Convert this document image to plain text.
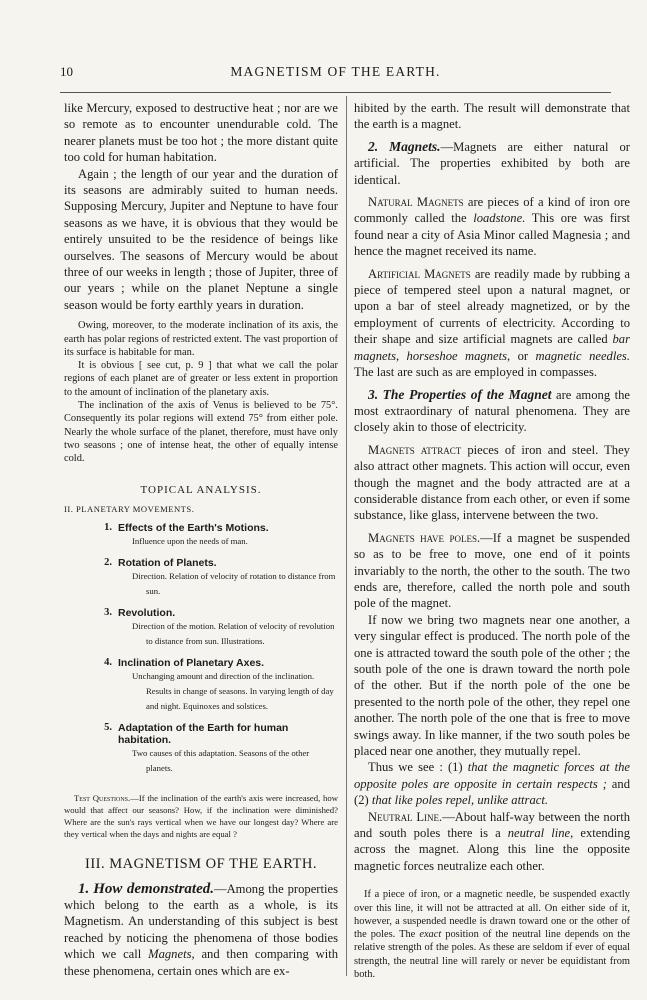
10	MAGNETISM OF THE EARTH.

like Mercury, exposed to destructive heat ; nor are we so remote as to encounter unendurable cold. The nearer planets must be too hot ; the more distant quite too cold for human habitation.

Again ; the length of our year and the duration of its seasons are admirably suited to human needs. Supposing Mercury, Jupiter and Neptune to have four seasons as we have, it is obvious that they would be entirely unsuited to be the residence of beings like ourselves. The seasons of Mercury would be about three of our weeks in length ; those of Jupiter, three of our years ; while on the planet Neptune a single season would be forty earthly years in duration.

Owing, moreover, to the moderate inclination of its axis, the earth has polar regions of restricted extent. The vast proportion of its surface is habitable for man.

It is obvious [ see cut, p. 9 ] that what we call the polar regions of each planet are of greater or less extent in proportion to the amount of inclination of the planetary axis.

The inclination of the axis of Venus is believed to be 75°. Consequently its polar regions will extend 75° from either pole. Nearly the whole surface of the planet, therefore, must have only two seasons ; one of intense heat, the other of equally intense cold.

TOPICAL ANALYSIS.
II. PLANETARY MOVEMENTS.
1. Effects of the Earth's Motions.
Influence upon the needs of man.
2. Rotation of Planets.
Direction. Relation of velocity of rotation to distance from sun.
3. Revolution.
Direction of the motion. Relation of velocity of revolution to distance from sun. Illustrations.
4. Inclination of Planetary Axes.
Unchanging amount and direction of the inclination. Results in change of seasons. In varying length of day and night. Equinoxes and solstices.
5. Adaptation of the Earth for human habitation.
Two causes of this adaptation. Seasons of the other planets.

Test Questions.—If the inclination of the earth's axis were increased, how would that affect our seasons? How, if the inclination were diminished? Where are the sun's rays vertical when we have our longest day? Where are they vertical when the days and nights are equal ?

III. MAGNETISM OF THE EARTH.

1. How demonstrated.—Among the properties which belong to the earth as a whole, is its Magnetism. An understanding of this subject is best reached by noticing the phenomena of those bodies which we call Magnets, and then comparing with these phenomena, certain ones which are ex-

hibited by the earth. The result will demonstrate that the earth is a magnet.

2. Magnets.—Magnets are either natural or artificial. The properties exhibited by both are identical.

Natural Magnets are pieces of a kind of iron ore commonly called the loadstone. This ore was first found near a city of Asia Minor called Magnesia ; and hence the magnet received its name.

Artificial Magnets are readily made by rubbing a piece of tempered steel upon a natural magnet, or upon a bar of steel already magnetized, or by the employment of currents of electricity. According to their shape and size artificial magnets are called bar magnets, horseshoe magnets, or magnetic needles. The last are such as are employed in compasses.

3. The Properties of the Magnet are among the most extraordinary of natural phenomena. They are closely akin to those of electricity.

Magnets attract pieces of iron and steel. They also attract other magnets. This action will occur, even though the magnet and the body attracted are at a considerable distance from each other, or even if some substance, like glass, intervene between the two.

Magnets have poles.—If a magnet be suspended so as to be free to move, one end of it points invariably to the north, the other to the south. The two ends are, therefore, called the north pole and south pole of the magnet.

If now we bring two magnets near one another, a very singular effect is produced. The north pole of the one is attracted toward the south pole of the other ; the south pole of the one is drawn toward the north pole of the other. But if the north pole of the one be presented to the north pole of the other, they repel one another. The north pole of the one that is free to move swings away. In like manner, if the two south poles be placed near one another, they mutually repel.

Thus we see : (1) that the magnetic forces at the opposite poles are opposite in certain respects ; and (2) that like poles repel, unlike attract.

Neutral Line.—About half-way between the north and south poles there is a neutral line, extending across the magnet. Along this line the opposite magnetic forces neutralize each other.

If a piece of iron, or a magnetic needle, be suspended exactly over this line, it will not be attracted at all. On either side of it, however, a suspended needle is drawn toward one or the other of the poles. The exact position of the neutral line depends on the relative strength of the poles. As these are seldom if ever of equal strength, the neutral line will rarely or never be equidistant from both.
